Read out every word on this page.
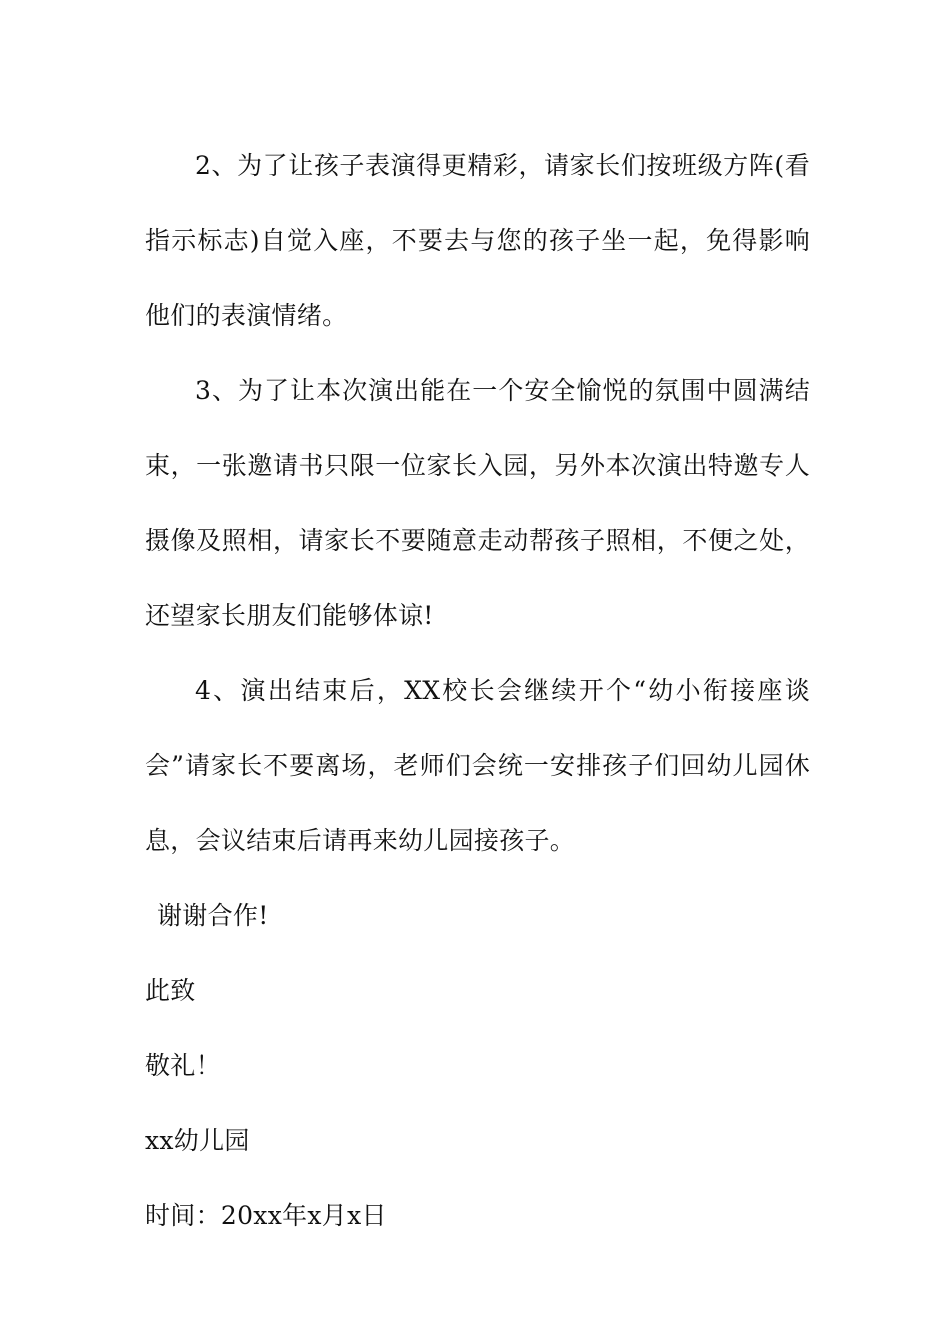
2、为了让孩子表演得更精彩，请家长们按班级方阵(看指示标志)自觉入座，不要去与您的孩子坐一起，免得影响他们的表演情绪。

3、为了让本次演出能在一个安全愉悦的氛围中圆满结束，一张邀请书只限一位家长入园，另外本次演出特邀专人摄像及照相，请家长不要随意走动帮孩子照相，不便之处，还望家长朋友们能够体谅!

4、演出结束后，XX校长会继续开个“幼小衔接座谈会”请家长不要离场，老师们会统一安排孩子们回幼儿园休息，会议结束后请再来幼儿园接孩子。

谢谢合作!

此致

敬礼！

xx幼儿园

时间：20xx年x月x日
